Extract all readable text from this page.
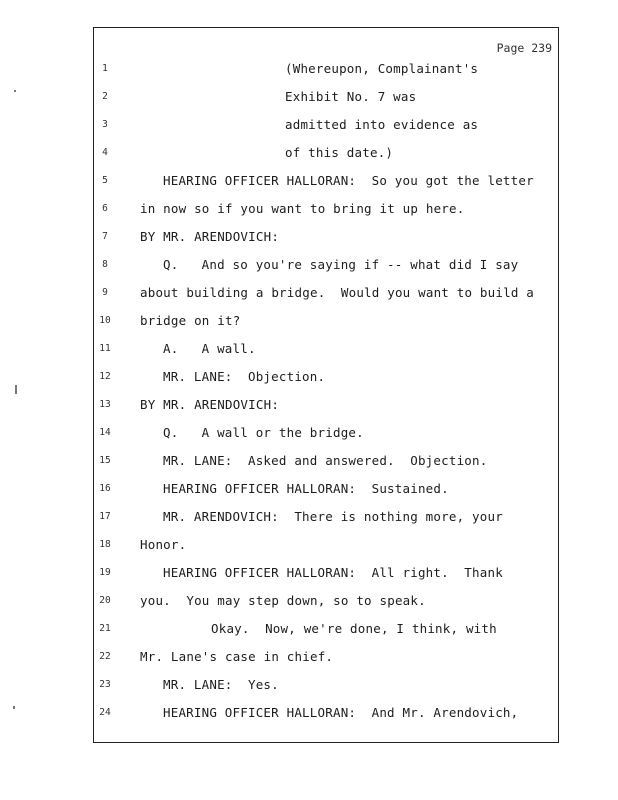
Page 239
1	(Whereupon, Complainant's
2	Exhibit No. 7 was
3	admitted into evidence as
4	of this date.)
5	HEARING OFFICER HALLORAN:  So you got the letter
6	in now so if you want to bring it up here.
7	BY MR. ARENDOVICH:
8	Q.   And so you're saying if -- what did I say
9	about building a bridge.  Would you want to build a
10 bridge on it?
11	A.   A wall.
12	MR. LANE:  Objection.
13 BY MR. ARENDOVICH:
14	Q.   A wall or the bridge.
15	MR. LANE:  Asked and answered.  Objection.
16	HEARING OFFICER HALLORAN:  Sustained.
17	MR. ARENDOVICH:  There is nothing more, your
18 Honor.
19	HEARING OFFICER HALLORAN:  All right.  Thank
20 you.  You may step down, so to speak.
21	Okay.  Now, we're done, I think, with
22 Mr. Lane's case in chief.
23	MR. LANE:  Yes.
24	HEARING OFFICER HALLORAN:  And Mr. Arendovich,
